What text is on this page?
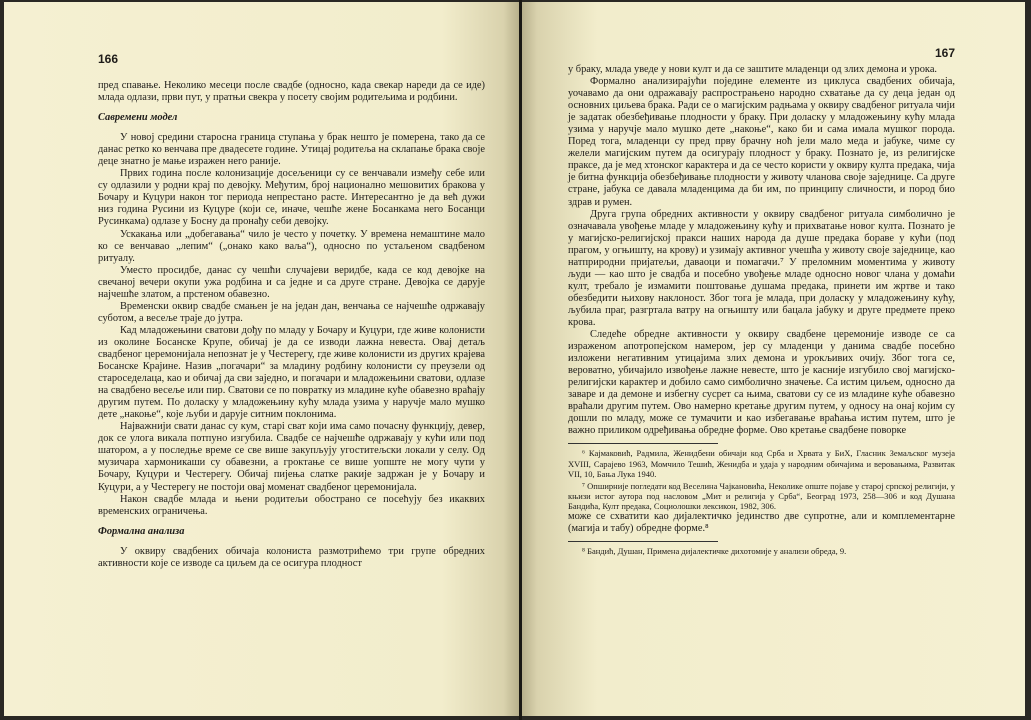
166

пред спавање. Неколико месеци после свадбе (односно, када свекар нареди да се иде) млада одлази, први пут, у пратњи свекра у посету својим родитељима и родбини.

Савремени модел

У новој средини старосна граница ступања у брак нешто је померена, тако да се данас ретко ко венчава пре двадесете године. Утицај родитеља на склапање брака своје деце знатно је мање изражен него раније.

Првих година после колонизације досељеници су се венчавали између себе или су одлазили у родни крај по девојку. Међутим, број национално мешовитих бракова у Бочару и Куцури након тог периода непрестано расте. Интересантно је да већ дужи низ година Русини из Куцуре (који се, иначе, чешће жене Босанкама него Босанци Русинкама) одлазе у Босну да пронађу себи девојку.

Ускакања или „добегавања“ чило је често у почетку. У времена немаштине мало ко се венчавао „лепим“ („онако како ваља“), односно по устаљеном свадбеном ритуалу.

Уместо просидбе, данас су чешћи случајеви веридбе, када се код девојке на свечаној вечери окупи ужа родбина и са једне и са друге стране. Девојка се дарује најчешће златом, а прстеном обавезно.

Временски оквир свадбе смањен је на један дан, венчања се најчешће одржавају суботом, а весеље траје до јутра.

Кад младожењини сватови дођу по младу у Бочару и Куцури, где живе колонисти из околине Босанске Крупе, обичај је да се изводи лажна невеста. Овај детаљ свадбеног церемонијала непознат је у Честерегу, где живе колонисти из других крајева Босанске Крајине. Назив „погачари“ за младину родбину колонисти су преузели од староседелаца, као и обичај да сви заједно, и погачари и младожењини сватови, одлазе на свадбено весеље или пир. Сватови се по повратку из младине куће обавезно враћају другим путем. По доласку у младожењину кућу млада узима у наручје мало мушко дете „накоње“, које љуби и дарује ситним поклонима.

Најважнији свати данас су кум, старi сват који има само почасну функцију, девер, док се улога викала потпуно изгубила. Свадбе се најчешће одржавају у кући или под шатором, а у последње време се све више закупљују угоститељски локали у селу. Од музичара хармоникаши су обавезни, а гроктање се више уопште не могу чути у Бочару, Куцури и Честерегу. Обичај пијења слатке ракије задржан је у Бочару и Куцури, а у Честерегу не постоји овај моменат свадбеног церемонијала.

Након свадбе млада и њени родитељи обострано се посећују без икаквих временских ограничења.

Формална анализа

У оквиру свадбених обичаја колониста размотрићемо три групе обредних активности које се изводе са циљем да се осигура плодност

167

у браку, млада уведе у нови култ и да се заштите младенци од злих демона и урока.

Формално анализирајући поједине елементе из циклуса свадбених обичаја, уочавамо да они одражавају распрострањено народно схватање да су деца један од основних циљева брака. Ради се о магијским радњама у оквиру свадбеног ритуала чији је задатак обезбеђивање плодности у браку. При доласку у младожењину кућу млада узима у наручје мало мушко дете „накоње“, како би и сама имала мушког порода. Поред тога, младенци су пред прву брачну ноћ јели мало меда и јабуке, чиме су желели магијским путем да осигурају плодност у браку. Познато је, из религијске праксе, да је мед хтонског карактера и да се често користи у оквиру култа предака, чија је битна функција обезбеђивање плодности у животу чланова своје заједнице. Са друге стране, јабука се давала младенцима да би им, по принципу сличности, и пород био здрав и румен.

Друга група обредних активности у оквиру свадбеног ритуала симболично је означавала увођење младе у младожењину кућу и прихватање новог култа. Познато је у магијско-религијској пракси наших народа да душе предака бораве у кући (под прагом, у огњишту, на крову) и узимају активног учешћа у животу своје заједнице, као натприродни пријатељи, даваоци и помагачи.⁷ У преломним моментима у животу људи — као што је свадба и посебно увођење младе односно новог члана у домаћи култ, требало је измамити поштовање душама предака, принети им жртве и тако обезбедити њихову наклоност. Због тога је млада, при доласку у младожењину кућу, љубила праг, разгртала ватру на огњишту или бацала јабуку и друге предмете преко крова.

Следеће обредне активности у оквиру свадбене церемоније изводе се са израженом апотропејском намером, јер су младенци у данима свадбе посебно изложени негативним утицајима злих демона и урокљивих очију. Због тога се, вероватно, убичајило извођење лажне невесте, што је касније изгубило свој магијско-религијски карактер и добило само симболично значење. Са истим циљем, односно да заваре и да демоне и избегну сусрет са њима, сватови су се из младине куће обавезно враћали другим путем. Ово намерно кретање другим путем, у односу на онај којим су дошли по младу, може се тумачити и као избегавање враћања истим путем, што је важно приликом одређивања обредне форме. Ово кретање свадбене поворке

⁶ Кајмаковић, Радмила, Женидбени обичаји код Срба и Хрвата у БиХ, Гласник Земаљског музеја XVIII, Сарајево 1963, Момчило Тешић, Женидба и удаја у народним обичајима и веровањима, Развитак VII, 10, Бања Лука 1940.

⁷ Опширније погледати код Веселина Чајкановића, Неколике опште појаве у старој српској религији, у књизи истог аутора под насловом „Мит и религија у Срба“, Београд 1973, 258—306 и код Душана Бандића, Култ предака, Социолошки лексикон, 1982, 306.

може се схватити као дијалектичко јединство две супротне, али и комплементарне (магија и табу) обредне форме.⁸

⁸ Бандић, Душан, Примена дијалектичке дихотомије у анализи обреда, 9.
